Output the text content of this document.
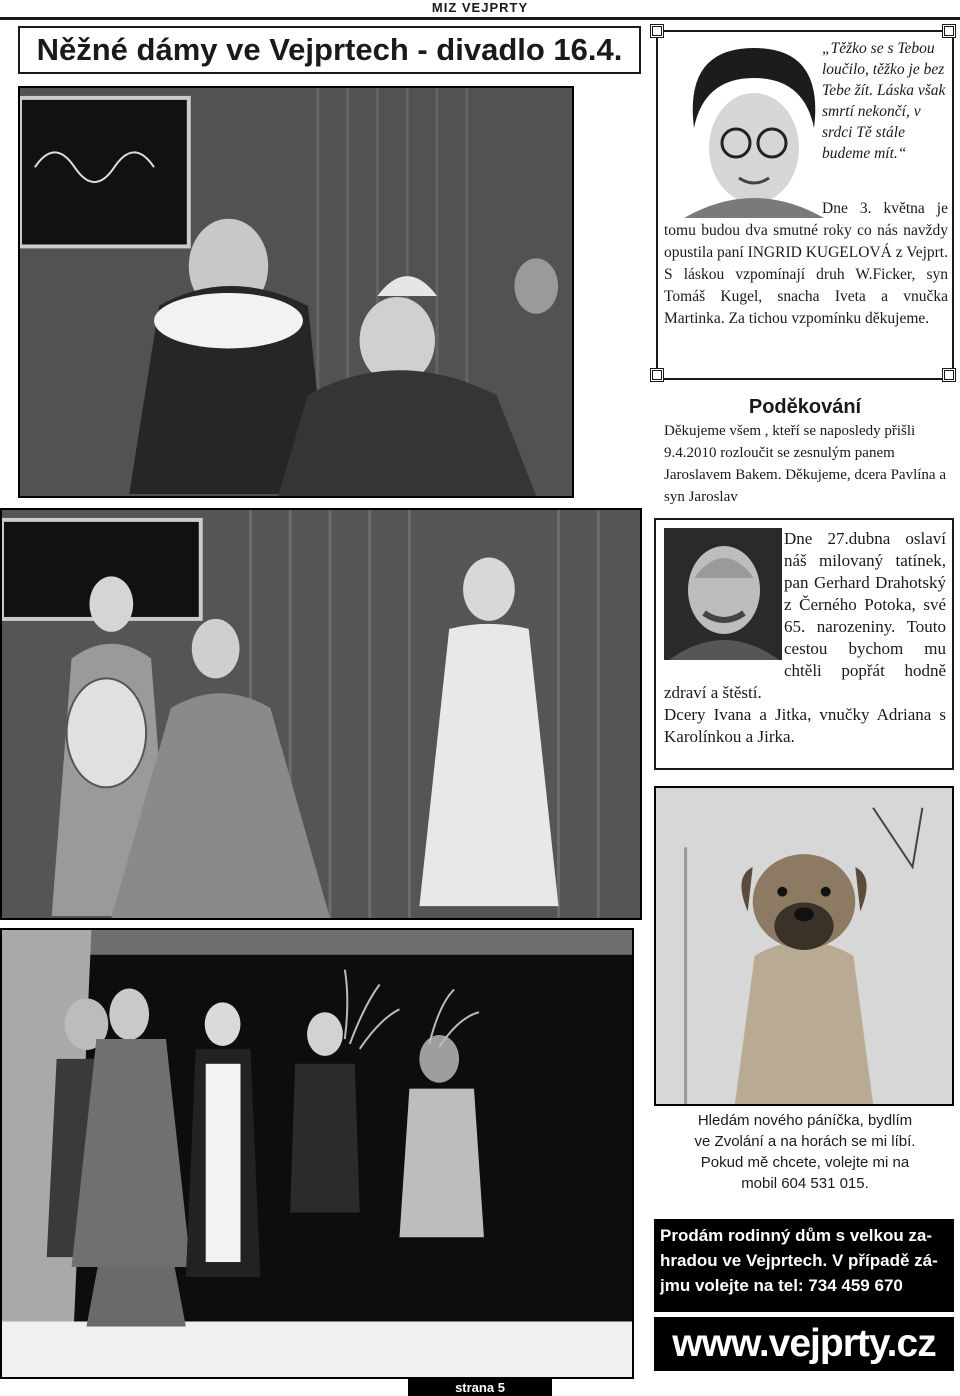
MIZ VEJPRTY
Něžné dámy ve Vejprtech - divadlo 16.4.	„Těžko se s Tebou loučilo, těžko je bez Tebe žít. Láska však smrtí nekončí, v srdci Tě stále budeme mít.“
Dne 3. května je tomu budou dva smutné roky co nás navždy opustila paní INGRID KUGELOVÁ z Vejprt. S láskou vzpomínají druh W.Ficker, syn Tomáš Kugel, snacha Iveta a vnučka Martinka. Za tichou vzpomínku děkujeme.
Poděkování
Děkujeme všem , kteří se naposledy přišli 9.4.2010 rozloučit se zesnulým panem Jaroslavem Bakem. Děkujeme, dcera Pavlína a syn Jaroslav
Dne 27.dubna oslaví náš milovaný tatínek, pan Gerhard Drahotský z Černého Potoka, své 65. narozeniny. Touto cestou bychom mu chtěli popřát hodně zdraví a štěstí.
Dcery Ivana a Jitka, vnučky Adriana s Karolínkou a Jirka.
Hledám nového páníčka, bydlím
ve Zvolání a na horách se mi líbí.
Pokud mě chcete, volejte mi na
mobil 604 531 015.
Prodám rodinný dům s velkou za-
hradou ve Vejprtech. V případě zá-
jmu volejte na tel: 734 459 670
www.vejprty.cz
strana 5
